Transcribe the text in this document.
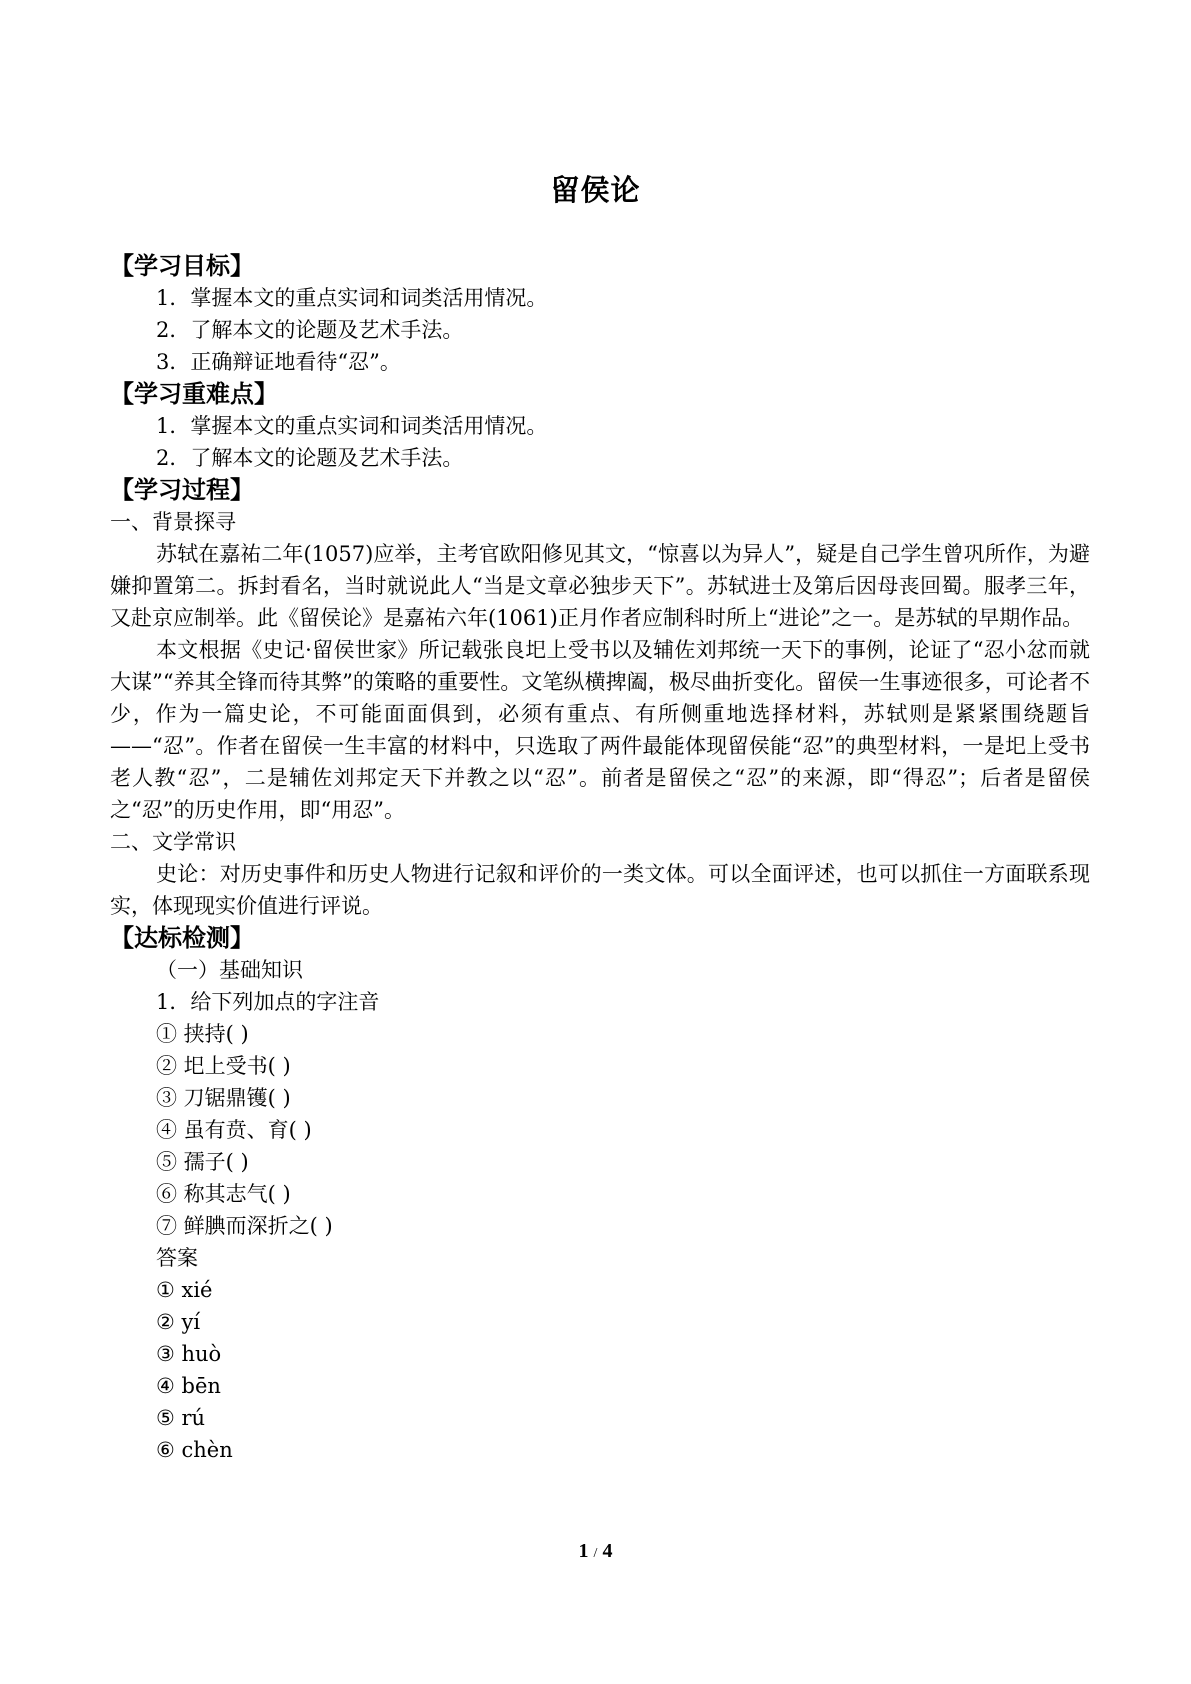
留侯论
【学习目标】
1．掌握本文的重点实词和词类活用情况。
2．了解本文的论题及艺术手法。
3．正确辩证地看待“忍”。
【学习重难点】
1．掌握本文的重点实词和词类活用情况。
2．了解本文的论题及艺术手法。
【学习过程】
一、背景探寻

苏轼在嘉祐二年(1057)应举，主考官欧阳修见其文，“惊喜以为异人”，疑是自己学生曾巩所作，为避嫌抑置第二。拆封看名，当时就说此人“当是文章必独步天下”。苏轼进士及第后因母丧回蜀。服孝三年，又赴京应制举。此《留侯论》是嘉祐六年(1061)正月作者应制科时所上“进论”之一。是苏轼的早期作品。

本文根据《史记·留侯世家》所记载张良圯上受书以及辅佐刘邦统一天下的事例，论证了“忍小忿而就大谋”“养其全锋而待其弊”的策略的重要性。文笔纵横捭阖，极尽曲折变化。留侯一生事迹很多，可论者不少，作为一篇史论，不可能面面俱到，必须有重点、有所侧重地选择材料，苏轼则是紧紧围绕题旨——“忍”。作者在留侯一生丰富的材料中，只选取了两件最能体现留侯能“忍”的典型材料，一是圯上受书老人教“忍”，二是辅佐刘邦定天下并教之以“忍”。前者是留侯之“忍”的来源，即“得忍”；后者是留侯之“忍”的历史作用，即“用忍”。

二、文学常识

史论：对历史事件和历史人物进行记叙和评价的一类文体。可以全面评述，也可以抓住一方面联系现实，体现现实价值进行评说。

【达标检测】
（一）基础知识
1．给下列加点的字注音
① 挟持( )
② 圯上受书( )
③ 刀锯鼎镬( )
④ 虽有贲、育( )
⑤ 孺子( )
⑥ 称其志气( )
⑦ 鲜腆而深折之( )
答案
① xié
② yí
③ huò
④ bēn
⑤ rú
⑥ chèn
1 / 4
